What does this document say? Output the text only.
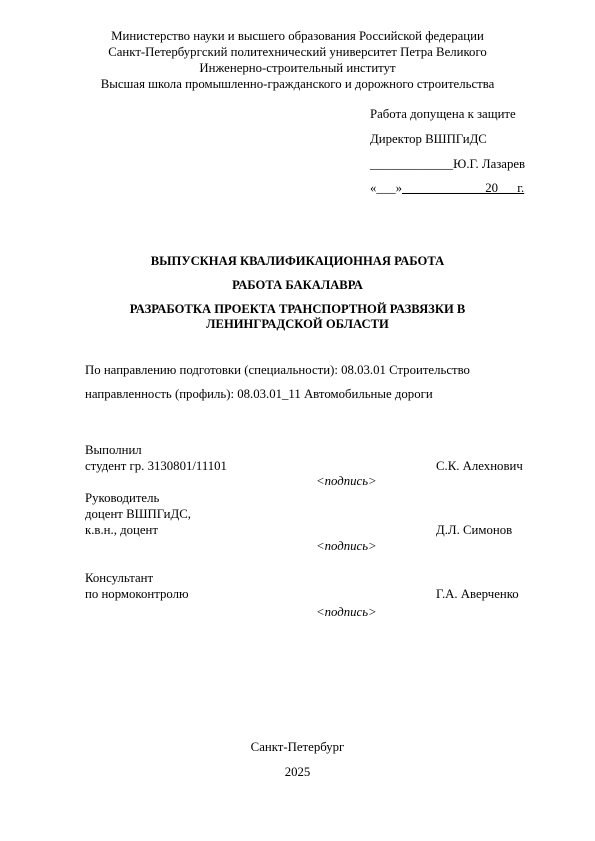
Министерство науки и высшего образования Российской федерации
Санкт-Петербургский политехнический университет Петра Великого
Инженерно-строительный институт
Высшая школа промышленно-гражданского и дорожного строительства
Работа допущена к защите
Директор ВШПГиДС
_____________Ю.Г. Лазарев
«___»_____________20___г.
ВЫПУСКНАЯ КВАЛИФИКАЦИОННАЯ РАБОТА
РАБОТА БАКАЛАВРА
РАЗРАБОТКА ПРОЕКТА ТРАНСПОРТНОЙ РАЗВЯЗКИ В
ЛЕНИНГРАДСКОЙ ОБЛАСТИ
По направлению подготовки (специальности): 08.03.01 Строительство
направленность (профиль): 08.03.01_11 Автомобильные дороги
Выполнил
студент гр. 3130801/11101	С.К. Алехнович
<подпись>
Руководитель
доцент ВШПГиДС,
к.в.н., доцент	Д.Л. Симонов
<подпись>
Консультант
по нормоконтролю	Г.А. Аверченко
<подпись>
Санкт-Петербург
2025
